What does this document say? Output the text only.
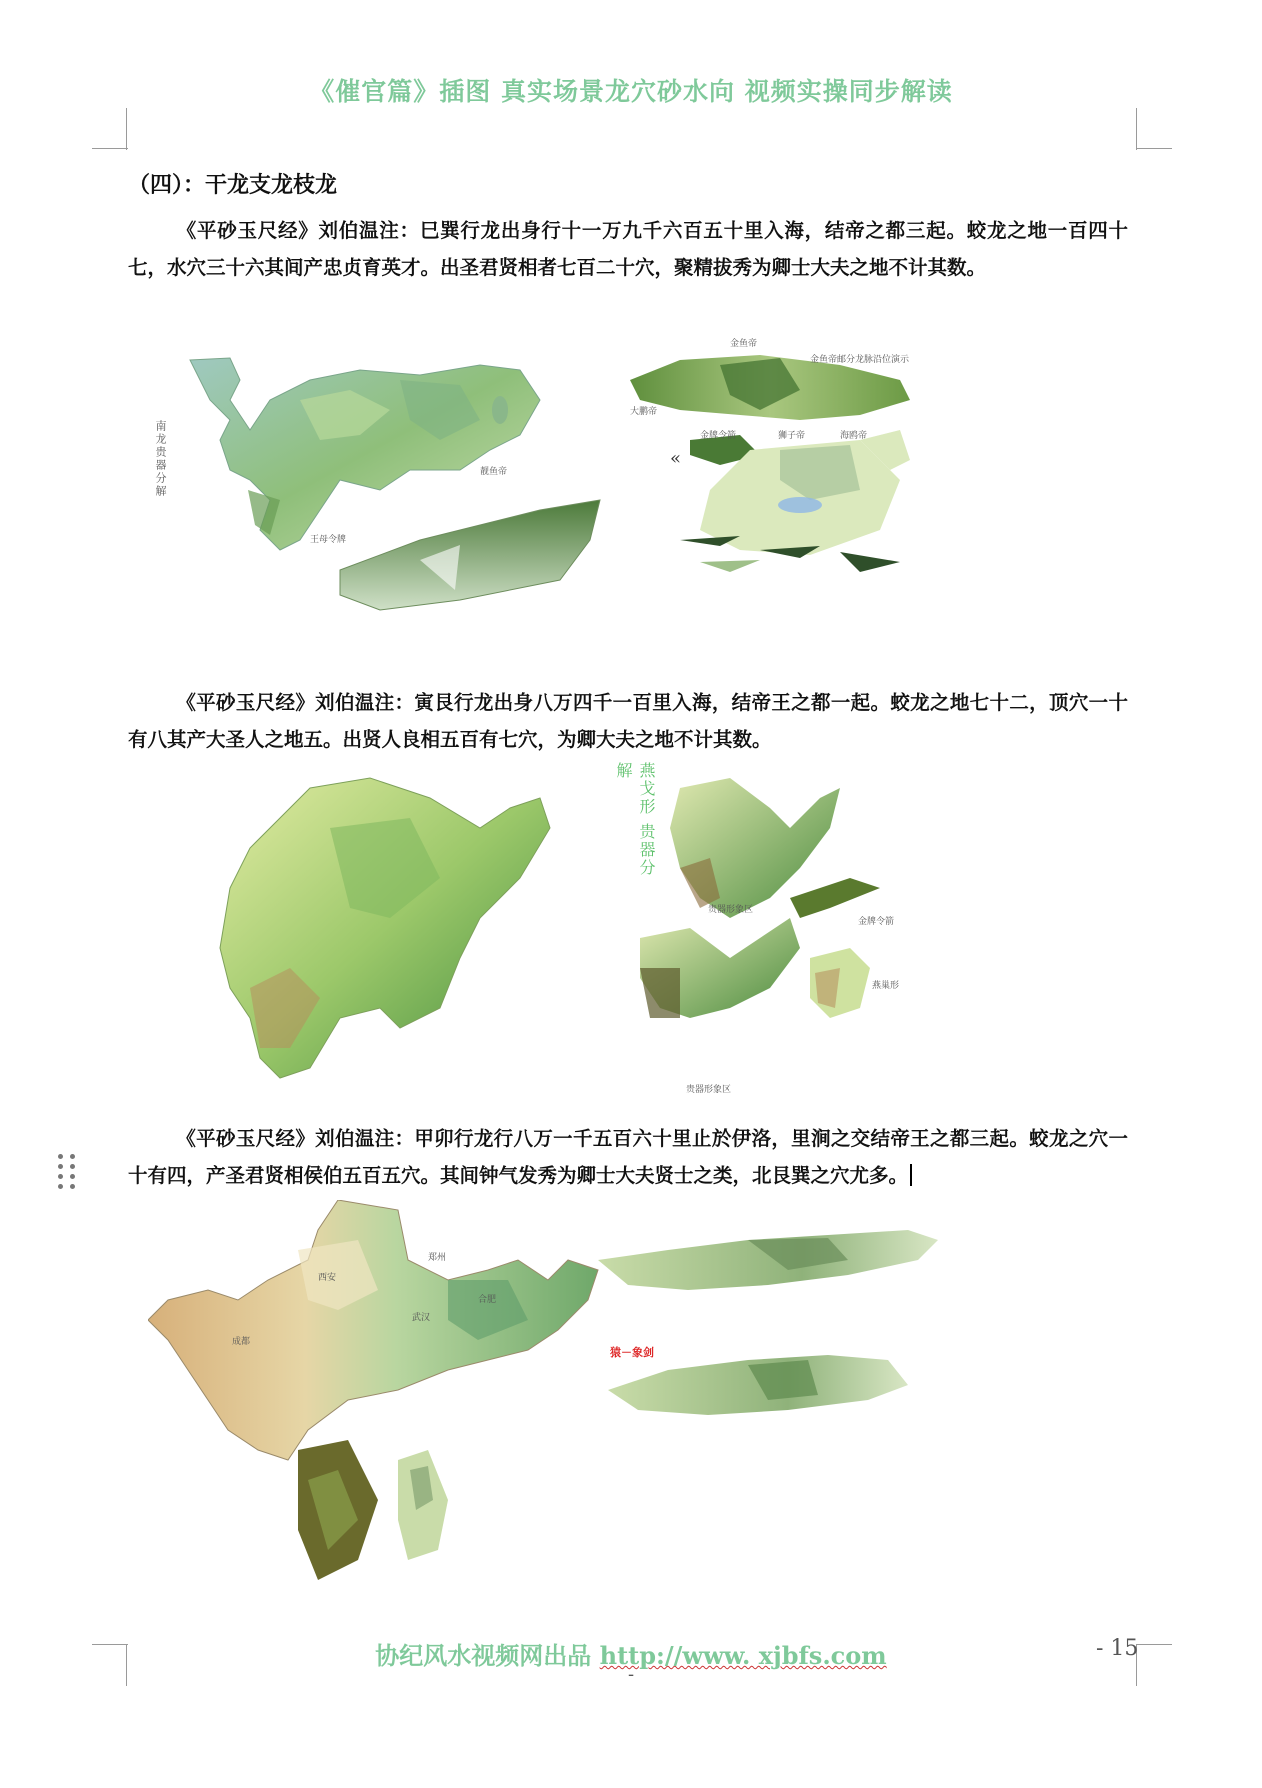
《催官篇》插图 真实场景龙穴砂水向 视频实操同步解读
（四）：干龙支龙枝龙
《平砂玉尺经》刘伯温注：巳巽行龙出身行十一万九千六百五十里入海，结帝之都三起。蛟龙之地一百四十七，水穴三十六其间产忠贞育英才。出圣君贤相者七百二十穴，聚精拔秀为卿士大夫之地不计其数。
南龙贵器分解
金鱼帝
金鱼帝邮分龙脉沿位演示
大鹏帝
金牌令箭	狮子帝	海鸥帝
王母令牌
靓鱼帝
«
《平砂玉尺经》刘伯温注：寅艮行龙出身八万四千一百里入海，结帝王之都一起。蛟龙之地七十二，顶穴一十有八其产大圣人之地五。出贤人良相五百有七穴，为卿大夫之地不计其数。
燕戈形 贵器分解
贵器形象区
金牌令箭
贵器形象区
燕巢形
《平砂玉尺经》刘伯温注：甲卯行龙行八万一千五百六十里止於伊洛，里涧之交结帝王之都三起。蛟龙之穴一十有四，产圣君贤相侯伯五百五穴。其间钟气发秀为卿士大夫贤士之类，北艮巽之穴尤多。
成都
西安
郑州
武汉
合肥
猿－象剑
协纪风水视频网出品 http://www. xjbfs.com	- 15
-
